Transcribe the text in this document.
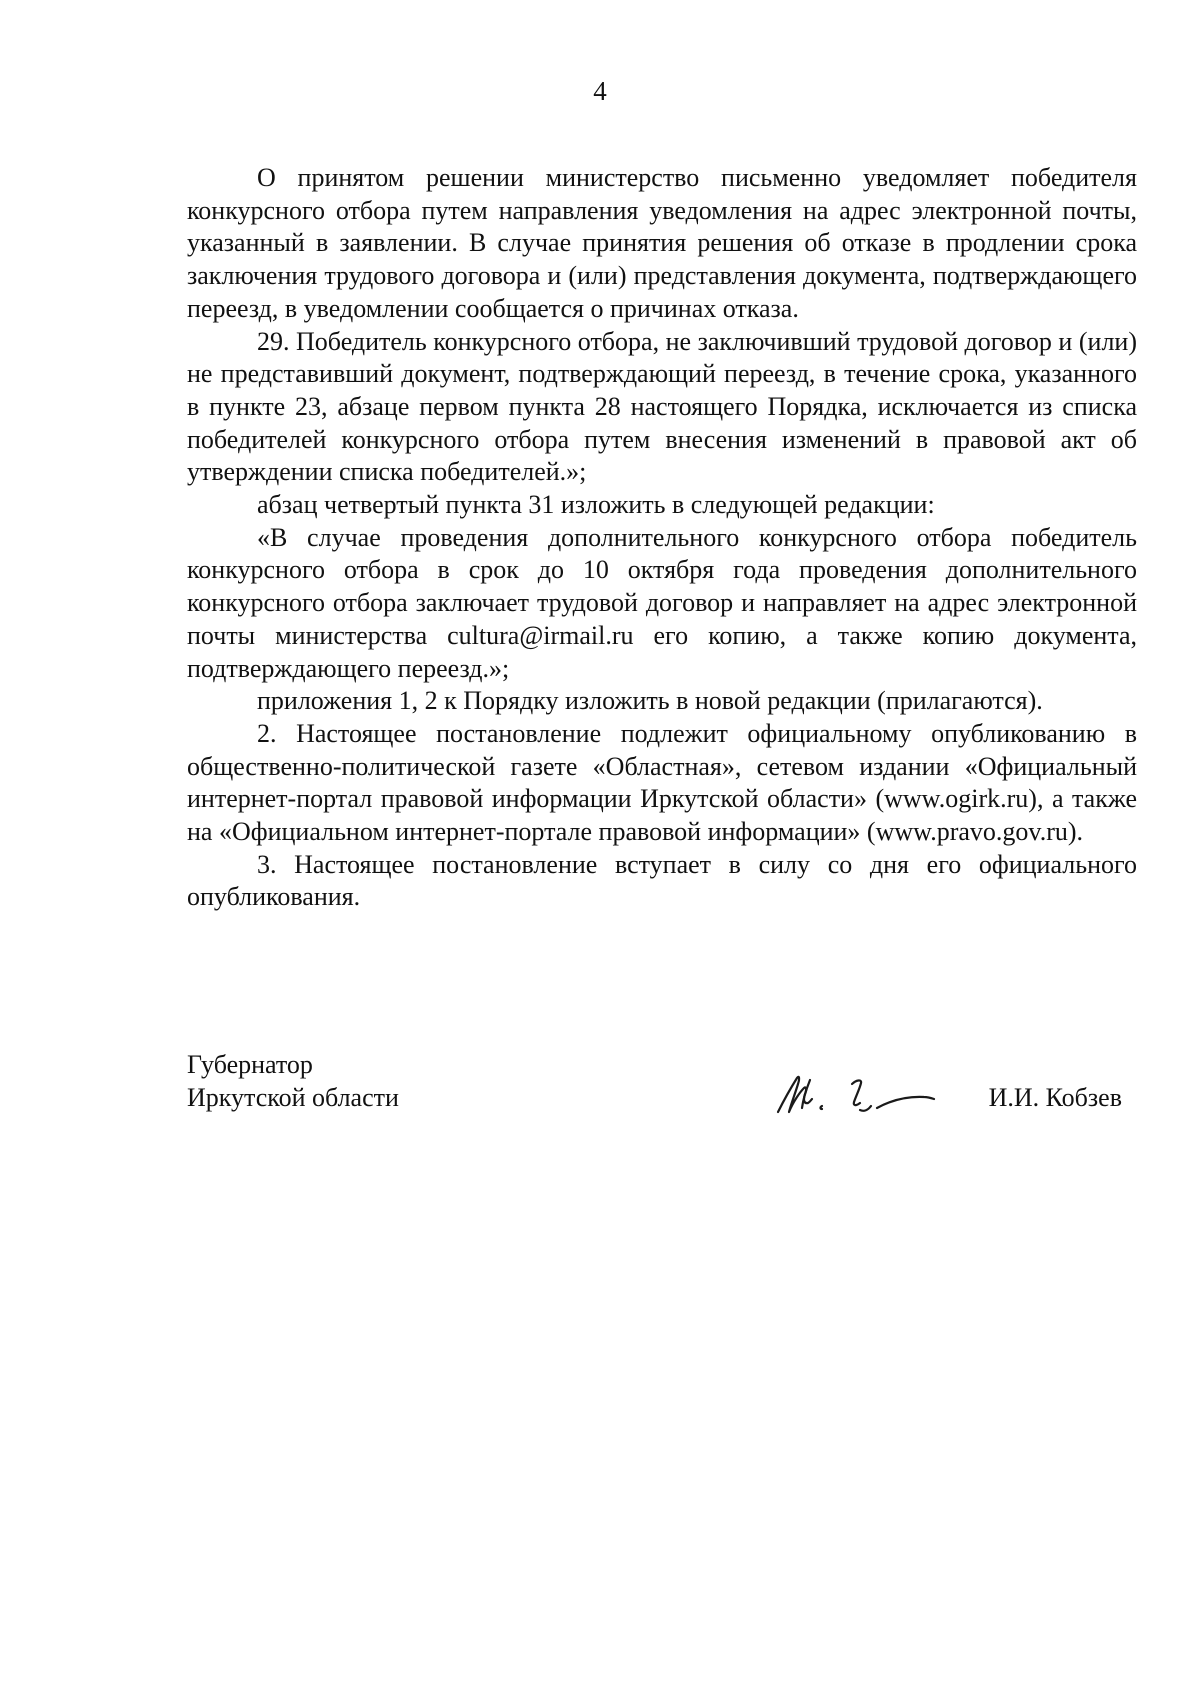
4

О принятом решении министерство письменно уведомляет победителя конкурсного отбора путем направления уведомления на адрес электронной почты, указанный в заявлении. В случае принятия решения об отказе в продлении срока заключения трудового договора и (или) представления документа, подтверждающего переезд, в уведомлении сообщается о причинах отказа.

29. Победитель конкурсного отбора, не заключивший трудовой договор и (или) не представивший документ, подтверждающий переезд, в течение срока, указанного в пункте 23, абзаце первом пункта 28 настоящего Порядка, исключается из списка победителей конкурсного отбора путем внесения изменений в правовой акт об утверждении списка победителей.»;

абзац четвертый пункта 31 изложить в следующей редакции:

«В случае проведения дополнительного конкурсного отбора победитель конкурсного отбора в срок до 10 октября года проведения дополнительного конкурсного отбора заключает трудовой договор и направляет на адрес электронной почты министерства cultura@irmail.ru его копию, а также копию документа, подтверждающего переезд.»;

приложения 1, 2 к Порядку изложить в новой редакции (прилагаются).

2. Настоящее постановление подлежит официальному опубликованию в общественно-политической газете «Областная», сетевом издании «Официальный интернет-портал правовой информации Иркутской области» (www.ogirk.ru), а также на «Официальном интернет-портале правовой информации» (www.pravo.gov.ru).

3. Настоящее постановление вступает в силу со дня его официального опубликования.

Губернатор
Иркутской области	И.И. Кобзев
